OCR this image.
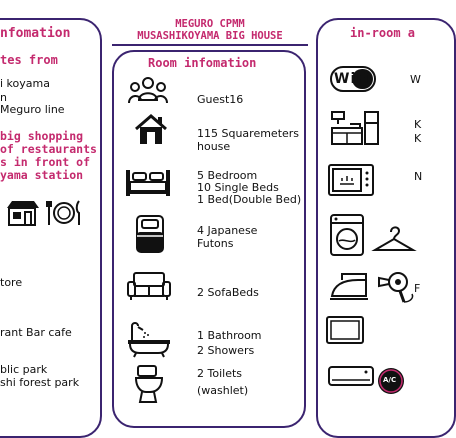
nfomation
tes from
i koyama
n
Meguro line
big shopping
of restaurants
s in front of
yama station
tore
rant Bar cafe
blic park
shi forest park
MEGURO CPMM
MUSASHIKOYAMA BIG HOUSE
Room infomation
Guest16
115 Squaremeters
house
5 Bedroom
10 Single Beds
1 Bed(Double Bed)
4 Japanese
Futons
2 SofaBeds
1 Bathroom
2 Showers
2 Toilets
(washlet)
in-room a
WiFi	W
K
K
N
F
A/C
